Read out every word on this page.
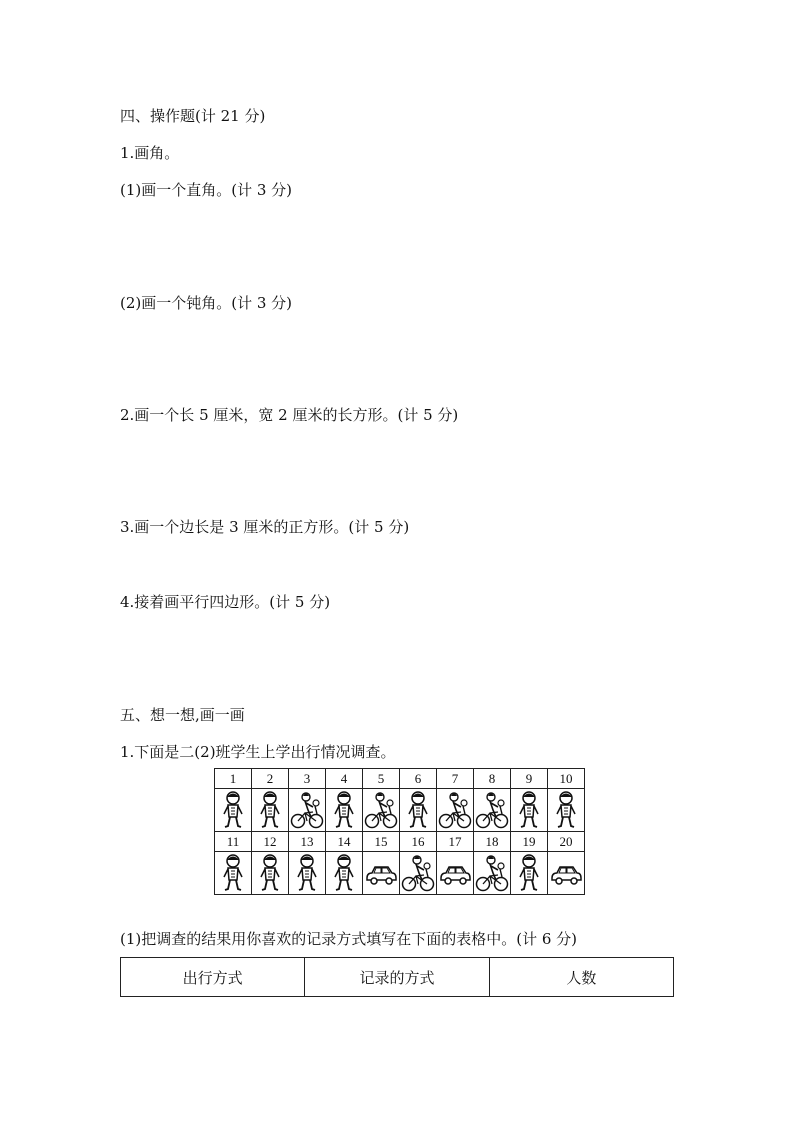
四、操作题(计 21 分)
1.画角。
(1)画一个直角。(计 3 分)
(2)画一个钝角。(计 3 分)
2.画一个长 5 厘米，宽 2 厘米的长方形。(计 5 分)
3.画一个边长是 3 厘米的正方形。(计 5 分)
4.接着画平行四边形。(计 5 分)
五、想一想,画一画
1.下面是二(2)班学生上学出行情况调查。
1	2	3	4	5	6	7	8	9	10

11	12	13	14	15	16	17	18	19	20

(1)把调查的结果用你喜欢的记录方式填写在下面的表格中。(计 6 分)
出行方式	记录的方式	人数
